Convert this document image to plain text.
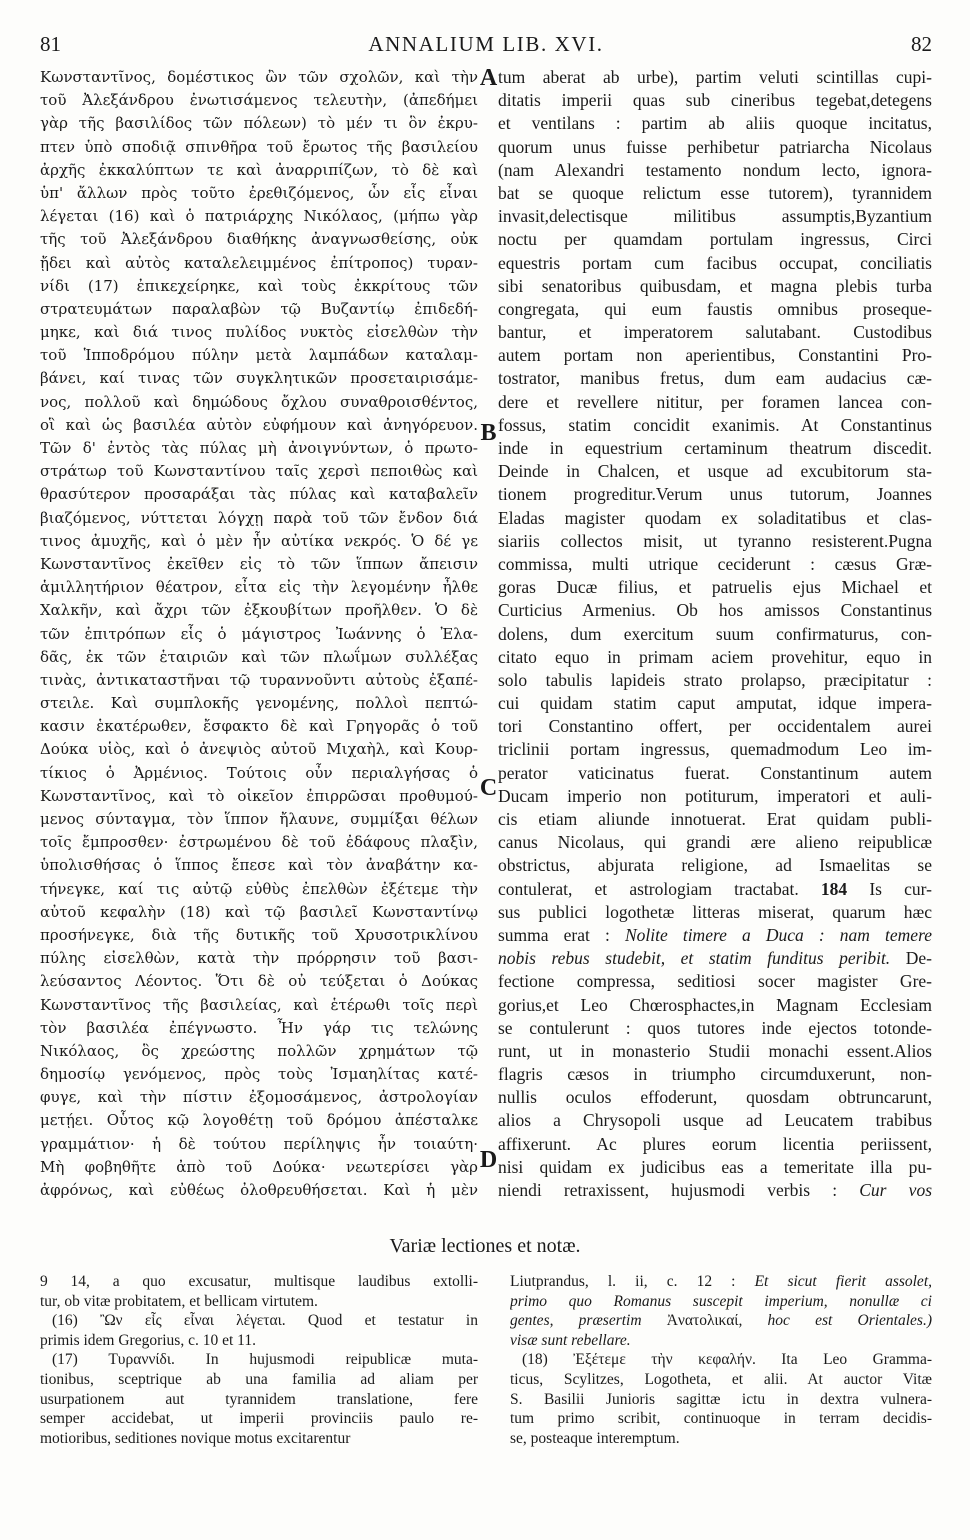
81	ANNALIUM LIB. XVI.	82
Κωνσταντῖνος, δομέστικος ὢν τῶν σχολῶν, καὶ τὴν
τοῦ Ἀλεξάνδρου ἐνωτισάμενος τελευτὴν, (ἀπεδήμει
γὰρ τῆς βασιλίδος τῶν πόλεων) τὸ μέν τι ὃν ἐκρυ-
πτεν ὑπὸ σποδιᾷ σπινθῆρα τοῦ ἔρωτος τῆς βασιλείου
ἀρχῆς ἐκκαλύπτων τε καὶ ἀναρριπίζων, τὸ δὲ καὶ
ὑπ' ἄλλων πρὸς τοῦτο ἐρεθιζόμενος, ὧν εἷς εἶναι
λέγεται (16) καὶ ὁ πατριάρχης Νικόλαος, (μήπω γὰρ
τῆς τοῦ Ἀλεξάνδρου διαθήκης ἀναγνωσθείσης, οὐκ
ᾔδει καὶ αὐτὸς καταλελειμμένος ἐπίτροπος) τυραν-
νίδι (17) ἐπικεχείρηκε, καὶ τοὺς ἐκκρίτους τῶν
στρατευμάτων παραλαβὼν τῷ Βυζαντίῳ ἐπιδεδή-
μηκε, καὶ διά τινος πυλίδος νυκτὸς εἰσελθὼν τὴν
τοῦ Ἱπποδρόμου πύλην μετὰ λαμπάδων καταλαμ-
βάνει, καί τινας τῶν συγκλητικῶν προσεταιρισάμε-
νος, πολλοῦ καὶ δημώδους ὄχλου συναθροισθέντος,
οἳ καὶ ὡς βασιλέα αὐτὸν εὐφήμουν καὶ ἀνηγόρευον.
Τῶν δ' ἐντὸς τὰς πύλας μὴ ἀνοιγνύντων, ὁ πρωτο-
στράτωρ τοῦ Κωνσταντίνου ταῖς χερσὶ πεποιθὼς καὶ
θρασύτερον προσαράξαι τὰς πύλας καὶ καταβαλεῖν
βιαζόμενος, νύττεται λόγχῃ παρὰ τοῦ τῶν ἔνδον διά
τινος ἀμυχῆς, καὶ ὁ μὲν ἦν αὐτίκα νεκρός. Ὁ δέ γε
Κωνσταντῖνος ἐκεῖθεν εἰς τὸ τῶν ἵππων ἄπεισιν
ἁμιλλητήριον θέατρον, εἶτα εἰς τὴν λεγομένην ἦλθε
Χαλκῆν, καὶ ἄχρι τῶν ἐξκουβίτων προῆλθεν. Ὁ δὲ
τῶν ἐπιτρόπων εἷς ὁ μάγιστρος Ἰωάννης ὁ Ἐλα-
δᾶς, ἐκ τῶν ἑταιριῶν καὶ τῶν πλωΐμων συλλέξας
τινὰς, ἀντικαταστῆναι τῷ τυραννοῦντι αὐτοὺς ἐξαπέ-
στειλε. Καὶ συμπλοκῆς γενομένης, πολλοὶ πεπτώ-
κασιν ἑκατέρωθεν, ἔσφακτο δὲ καὶ Γρηγορᾶς ὁ τοῦ
Δούκα υἱὸς, καὶ ὁ ἀνεψιὸς αὐτοῦ Μιχαὴλ, καὶ Κουρ-
τίκιος ὁ Ἀρμένιος. Τούτοις οὖν περιαλγήσας ὁ
Κωνσταντῖνος, καὶ τὸ οἰκεῖον ἐπιρρῶσαι προθυμού-
μενος σύνταγμα, τὸν ἵππον ἤλαυνε, συμμίξαι θέλων
τοῖς ἔμπροσθεν· ἐστρωμένου δὲ τοῦ ἐδάφους πλαξὶν,
ὑπολισθήσας ὁ ἵππος ἔπεσε καὶ τὸν ἀναβάτην κα-
τήνεγκε, καί τις αὐτῷ εὐθὺς ἐπελθὼν ἐξέτεμε τὴν
αὐτοῦ κεφαλὴν (18) καὶ τῷ βασιλεῖ Κωνσταντίνῳ
προσήνεγκε, διὰ τῆς δυτικῆς τοῦ Χρυσοτρικλίνου
πύλης εἰσελθὼν, κατὰ τὴν πρόρρησιν τοῦ βασι-
λεύσαντος Λέοντος. Ὅτι δὲ οὐ τεύξεται ὁ Δούκας
Κωνσταντῖνος τῆς βασιλείας, καὶ ἑτέρωθι τοῖς περὶ
τὸν βασιλέα ἐπέγνωστο. Ἦν γάρ τις τελώνης
Νικόλαος, ὃς χρεώστης πολλῶν χρημάτων τῷ
δημοσίῳ γενόμενος, πρὸς τοὺς Ἰσμαηλίτας κατέ-
φυγε, καὶ τὴν πίστιν ἐξομοσάμενος, ἀστρολογίαν
μετῄει. Οὗτος κῷ λογοθέτῃ τοῦ δρόμου ἀπέσταλκε
γραμμάτιον· ἡ δὲ τούτου περίληψις ἦν τοιαύτη·
Μὴ φοβηθῆτε ἀπὸ τοῦ Δούκα· νεωτερίσει γὰρ
ἀφρόνως, καὶ εὐθέως ὀλοθρευθήσεται. Καὶ ἡ μὲν
A
B
C
D
tum aberat ab urbe), partim veluti scintillas cupi-
ditatis imperii quas sub cineribus tegebat,detegens
et ventilans : partim ab aliis quoque incitatus,
quorum unus fuisse perhibetur patriarcha Nicolaus
(nam Alexandri testamento nondum lecto, ignora-
bat se quoque relictum esse tutorem), tyrannidem
invasit,delectisque militibus assumptis,Byzantium
noctu per quamdam portulam ingressus, Circi
equestris portam cum facibus occupat, conciliatis
sibi senatoribus quibusdam, et magna plebis turba
congregata, qui eum faustis omnibus proseque-
bantur, et imperatorem salutabant. Custodibus
autem portam non aperientibus, Constantini Pro-
tostrator, manibus fretus, dum eam audacius cæ-
dere et revellere nititur, per foramen lancea con-
fossus, statim concidit exanimis. At Constantinus
inde in equestrium certaminum theatrum discedit.
Deinde in Chalcen, et usque ad excubitorum sta-
tionem progreditur.Verum unus tutorum, Joannes
Eladas magister quodam ex soladitatibus et clas-
siariis collectos misit, ut tyranno resisterent.Pugna
commissa, multi utrique ceciderunt : cæsus Græ-
goras Ducæ filius, et patruelis ejus Michael et
Curticius Armenius. Ob hos amissos Constantinus
dolens, dum exercitum suum confirmaturus, con-
citato equo in primam aciem provehitur, equo in
solo tabulis lapideis strato prolapso, præcipitatur :
cui quidam statim caput amputat, idque impera-
tori Constantino offert, per occidentalem aurei
triclinii portam ingressus, quemadmodum Leo im-
perator vaticinatus fuerat. Constantinum autem
Ducam imperio non potiturum, imperatori et auli-
cis etiam aliunde innotuerat. Erat quidam publi-
canus Nicolaus, qui grandi ære alieno reipublicæ
obstrictus, abjurata religione, ad Ismaelitas se
contulerat, et astrologiam tractabat. 184 Is cur-
sus publici logothetæ litteras miserat, quarum hæc
summa erat : Nolite timere a Duca : nam temere
nobis rebus studebit, et statim funditus peribit. De-
fectione compressa, seditiosi socer magister Gre-
gorius,et Leo Chœrosphactes,in Magnam Ecclesiam
se contulerunt : quos tutores inde ejectos totonde-
runt, ut in monasterio Studii monachi essent.Alios
flagris cæsos in triumpho circumduxerunt, non-
nullis oculos effoderunt, quosdam obtruncarunt,
alios a Chrysopoli usque ad Leucatem trabibus
affixerunt. Ac plures eorum licentia periissent,
nisi quidam ex judicibus eas a temeritate illa pu-
niendi retraxissent, hujusmodi verbis : Cur vos
Variæ lectiones et notæ.
9 14, a quo excusatur, multisque laudibus extolli-
tur, ob vitæ probitatem, et bellicam virtutem.
(16) Ὢν εἷς εἶναι λέγεται. Quod et testatur in
primis idem Gregorius, c. 10 et 11.
(17) Τυραννίδι. In hujusmodi reipublicæ muta-
tionibus, sceptrique ab una familia ad aliam per
usurpationem aut tyrannidem translatione, fere
semper accidebat, ut imperii provinciis paulo re-
motioribus, seditiones novique motus excitarentur
Liutprandus, l. ii, c. 12 : Et sicut fierit assolet,
primo quo Romanus suscepit imperium, nonullæ ci
gentes, præsertim Ἀνατολικαί, hoc est Orientales.)
visæ sunt rebellare.
(18) Ἐξέτεμε τὴν κεφαλήν. Ita Leo Gramma-
ticus, Scylitzes, Logotheta, et alii. At auctor Vitæ
S. Basilii Junioris sagittæ ictu in dextra vulnera-
tum primo scribit, continuoque in terram decidis-
se, posteaque interemptum.
